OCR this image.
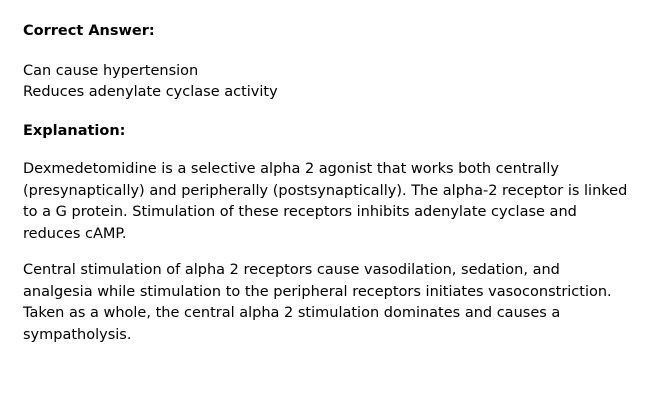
Correct Answer:
Can cause hypertension
Reduces adenylate cyclase activity
Explanation:

Dexmedetomidine is a selective alpha 2 agonist that works both centrally (presynaptically) and peripherally (postsynaptically). The alpha-2 receptor is linked to a G protein. Stimulation of these receptors inhibits adenylate cyclase and reduces cAMP.

Central stimulation of alpha 2 receptors cause vasodilation, sedation, and analgesia while stimulation to the peripheral receptors initiates vasoconstriction. Taken as a whole, the central alpha 2 stimulation dominates and causes a sympatholysis.
